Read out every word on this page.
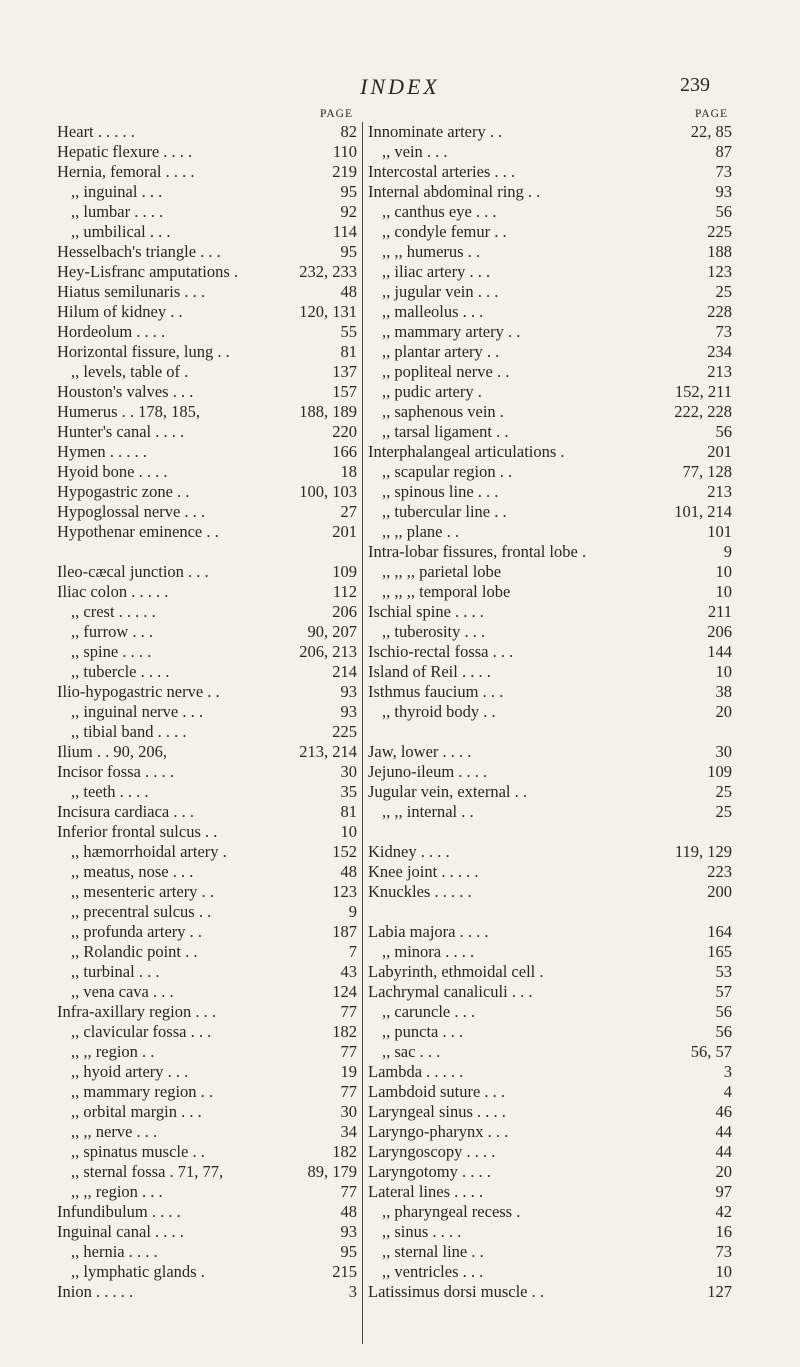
INDEX	239
PAGE
Heart . . . . .	82
Hepatic flexure . . . .	110
Hernia, femoral . . . .	219
,, inguinal . . .	95
,, lumbar . . . .	92
,, umbilical . . .	114
Hesselbach's triangle . . .	95
Hey-Lisfranc amputations .	232, 233
Hiatus semilunaris . . .	48
Hilum of kidney . .	120, 131
Hordeolum . . . .	55
Horizontal fissure, lung . .	81
,, levels, table of .	137
Houston's valves . . .	157
Humerus . . 178, 185,	188, 189
Hunter's canal . . . .	220
Hymen . . . . .	166
Hyoid bone . . . .	18
Hypogastric zone . .	100, 103
Hypoglossal nerve . . .	27
Hypothenar eminence . .	201
Ileo-cæcal junction . . .	109
Iliac colon . . . . .	112
,, crest . . . . .	206
,, furrow . . .	90, 207
,, spine . . . .	206, 213
,, tubercle . . . .	214
Ilio-hypogastric nerve . .	93
,, inguinal nerve . . .	93
,, tibial band . . . .	225
Ilium . . 90, 206,	213, 214
Incisor fossa . . . .	30
,, teeth . . . .	35
Incisura cardiaca . . .	81
Inferior frontal sulcus . .	10
,, hæmorrhoidal artery .	152
,, meatus, nose . . .	48
,, mesenteric artery . .	123
,, precentral sulcus . .	9
,, profunda artery . .	187
,, Rolandic point . .	7
,, turbinal . . .	43
,, vena cava . . .	124
Infra-axillary region . . .	77
,, clavicular fossa . . .	182
,, ,, region . .	77
,, hyoid artery . . .	19
,, mammary region . .	77
,, orbital margin . . .	30
,, ,, nerve . . .	34
,, spinatus muscle . .	182
,, sternal fossa . 71, 77,	89, 179
,, ,, region . . .	77
Infundibulum . . . .	48
Inguinal canal . . . .	93
,, hernia . . . .	95
,, lymphatic glands .	215
Inion . . . . .	3
PAGE
Innominate artery . .	22, 85
,, vein . . .	87
Intercostal arteries . . .	73
Internal abdominal ring . .	93
,, canthus eye . . .	56
,, condyle femur . .	225
,, ,, humerus . .	188
,, iliac artery . . .	123
,, jugular vein . . .	25
,, malleolus . . .	228
,, mammary artery . .	73
,, plantar artery . .	234
,, popliteal nerve . .	213
,, pudic artery .	152, 211
,, saphenous vein .	222, 228
,, tarsal ligament . .	56
Interphalangeal articulations .	201
,, scapular region . .	77, 128
,, spinous line . . .	213
,, tubercular line . .	101, 214
,, ,, plane . .	101
Intra-lobar fissures, frontal lobe .	9
,, ,, ,, parietal lobe	10
,, ,, ,, temporal lobe	10
Ischial spine . . . .	211
,, tuberosity . . .	206
Ischio-rectal fossa . . .	144
Island of Reil . . . .	10
Isthmus faucium . . .	38
,, thyroid body . .	20
Jaw, lower . . . .	30
Jejuno-ileum . . . .	109
Jugular vein, external . .	25
,, ,, internal . .	25
Kidney . . . .	119, 129
Knee joint . . . . .	223
Knuckles . . . . .	200
Labia majora . . . .	164
,, minora . . . .	165
Labyrinth, ethmoidal cell .	53
Lachrymal canaliculi . . .	57
,, caruncle . . .	56
,, puncta . . .	56
,, sac . . .	56, 57
Lambda . . . . .	3
Lambdoid suture . . .	4
Laryngeal sinus . . . .	46
Laryngo-pharynx . . .	44
Laryngoscopy . . . .	44
Laryngotomy . . . .	20
Lateral lines . . . .	97
,, pharyngeal recess .	42
,, sinus . . . .	16
,, sternal line . .	73
,, ventricles . . .	10
Latissimus dorsi muscle . .	127
